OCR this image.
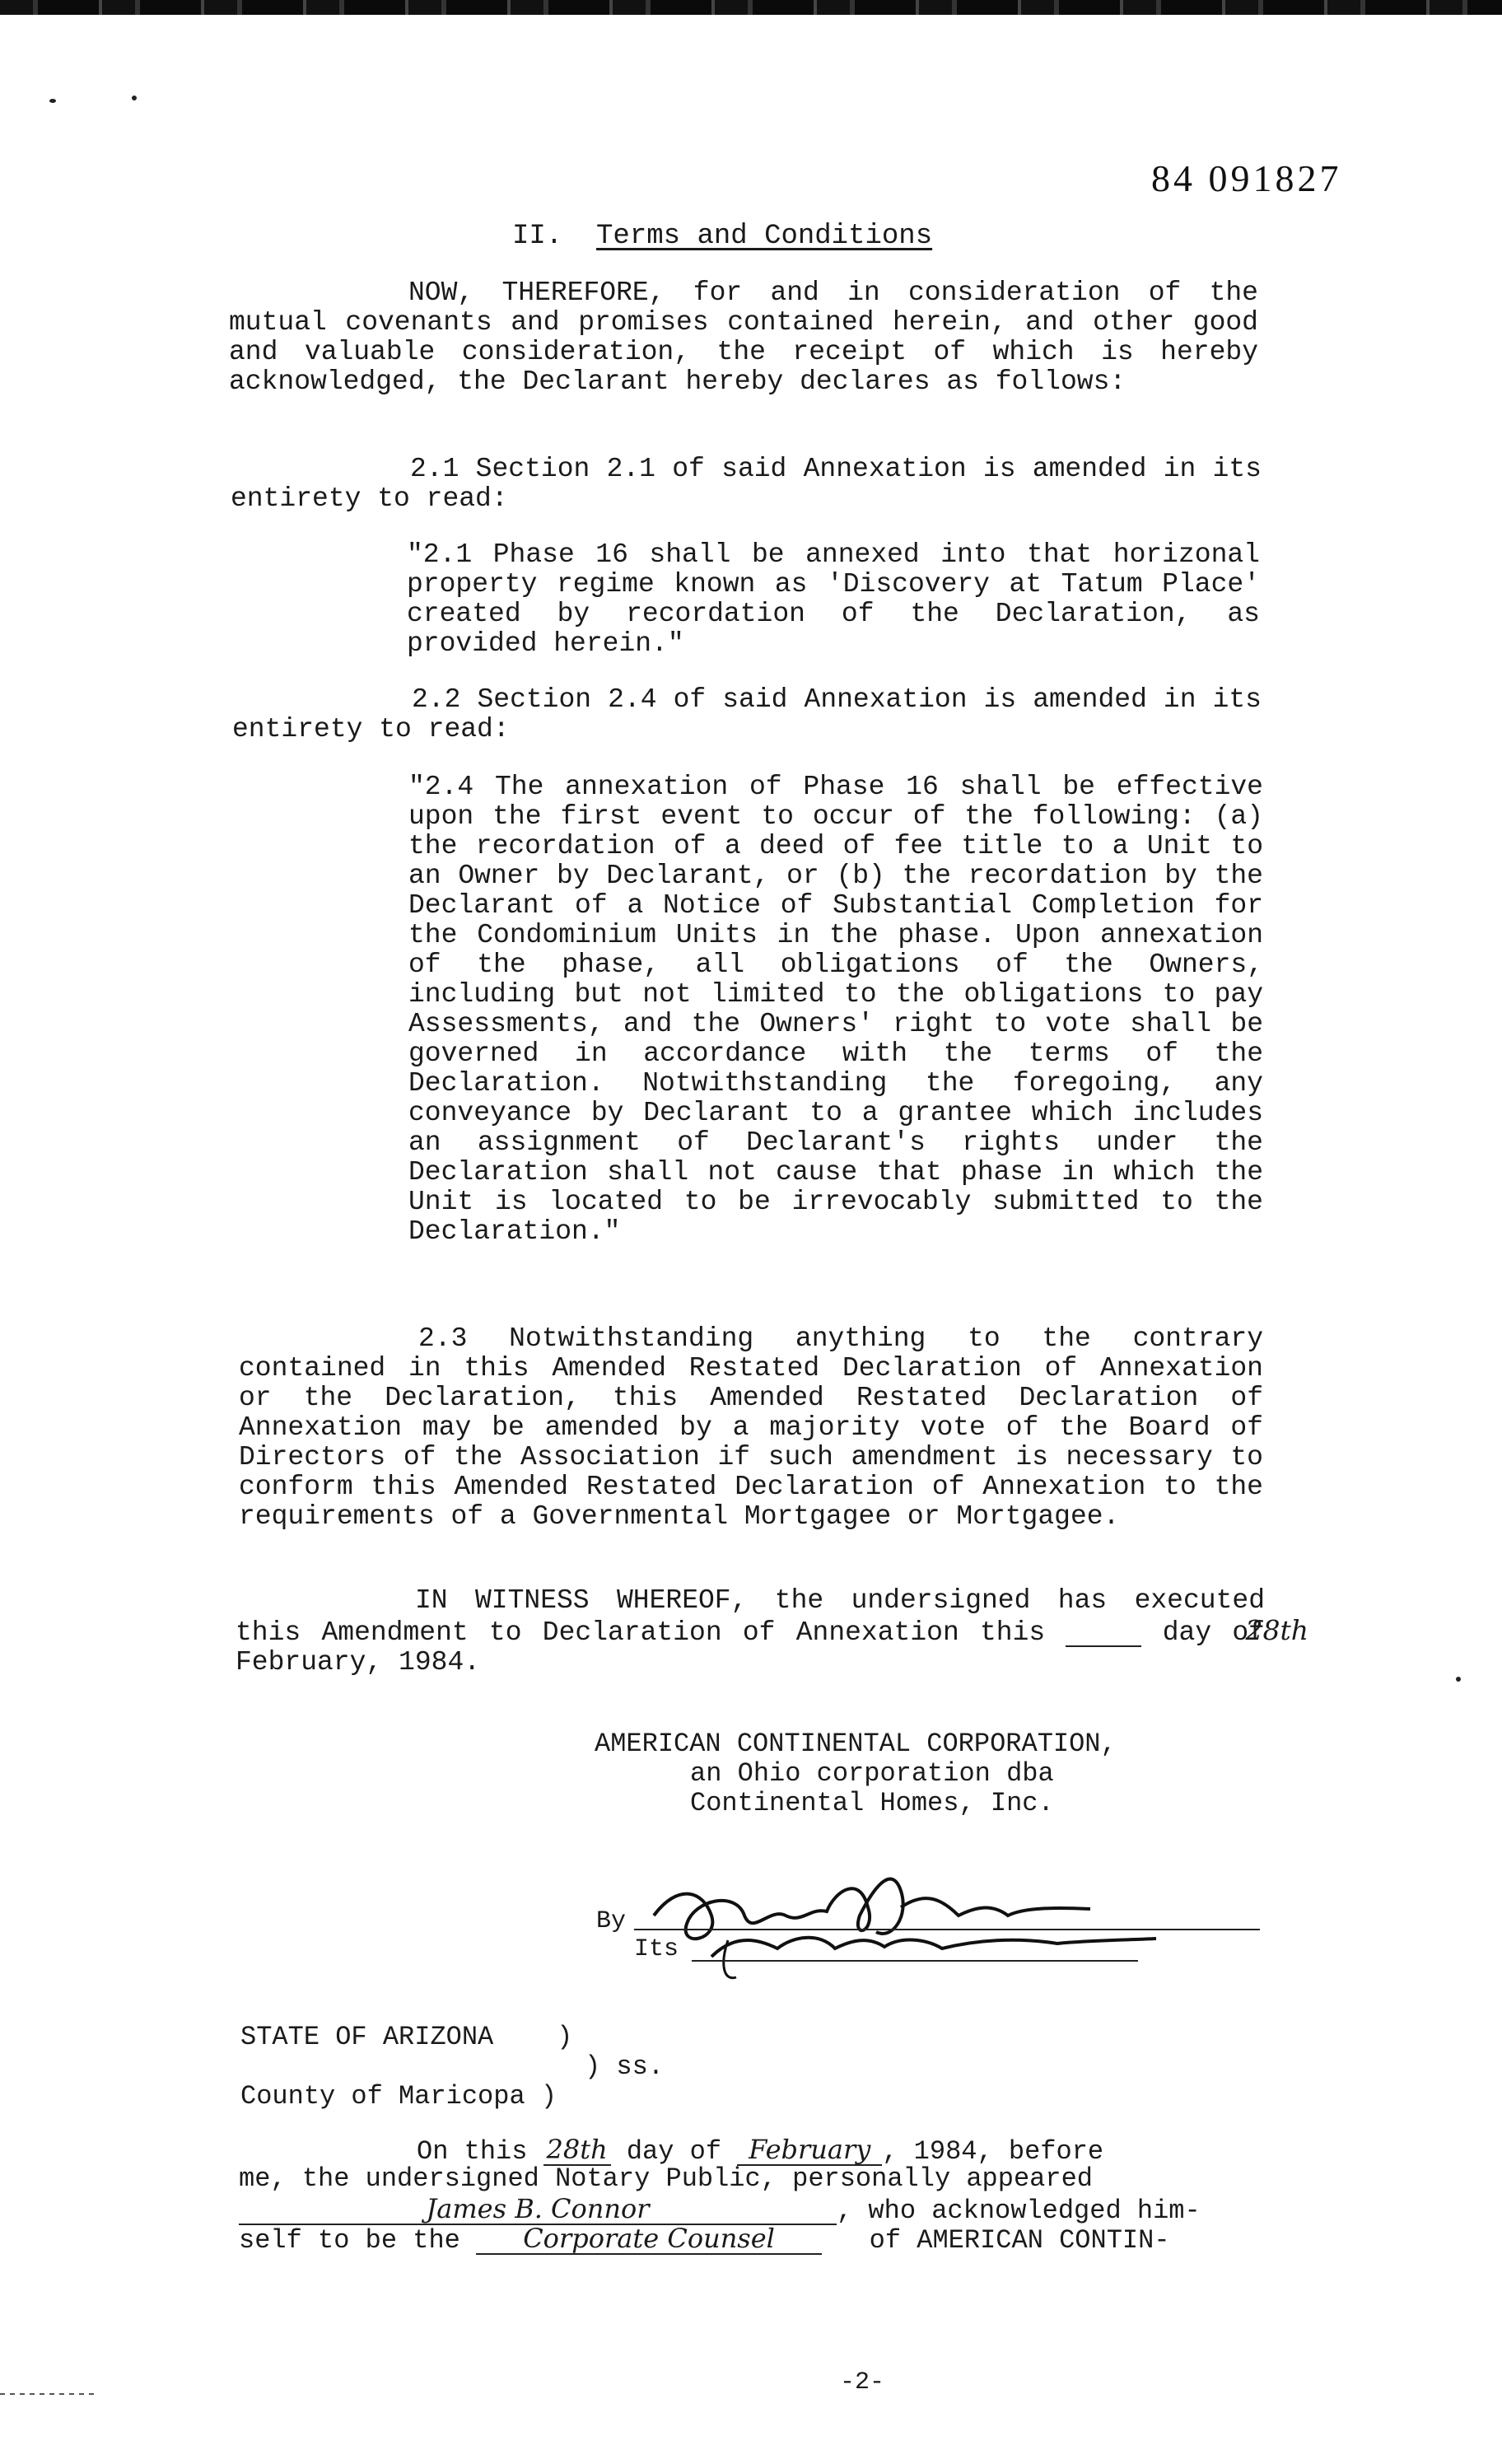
84 091827
II. Terms and Conditions

NOW, THEREFORE, for and in consideration of the mutual covenants and promises contained herein, and other good and valuable consideration, the receipt of which is hereby acknowledged, the Declarant hereby declares as follows:

2.1 Section 2.1 of said Annexation is amended in its entirety to read:

"2.1 Phase 16 shall be annexed into that horizonal property regime known as 'Discovery at Tatum Place' created by recordation of the Declaration, as provided herein."

2.2 Section 2.4 of said Annexation is amended in its entirety to read:

"2.4 The annexation of Phase 16 shall be effective upon the first event to occur of the following: (a) the recordation of a deed of fee title to a Unit to an Owner by Declarant, or (b) the recordation by the Declarant of a Notice of Substantial Completion for the Condominium Units in the phase. Upon annexation of the phase, all obligations of the Owners, including but not limited to the obligations to pay Assessments, and the Owners' right to vote shall be governed in accordance with the terms of the Declaration. Notwithstanding the foregoing, any conveyance by Declarant to a grantee which includes an assignment of Declarant's rights under the Declaration shall not cause that phase in which the Unit is located to be irrevocably submitted to the Declaration."

2.3 Notwithstanding anything to the contrary contained in this Amended Restated Declaration of Annexation or the Declaration, this Amended Restated Declaration of Annexation may be amended by a majority vote of the Board of Directors of the Association if such amendment is necessary to conform this Amended Restated Declaration of Annexation to the requirements of a Governmental Mortgagee or Mortgagee.

IN WITNESS WHEREOF, the undersigned has executed this Amendment to Declaration of Annexation this	28th day of February, 1984.

AMERICAN CONTINENTAL CORPORATION,
an Ohio corporation dba
Continental Homes, Inc.
By
Its
STATE OF ARIZONA )
) ss.
County of Maricopa )
On this 28th day of February , 1984, before
me, the undersigned Notary Public, personally appeared
James B. Connor	, who acknowledged him-
self to be the Corporate Counsel	of AMERICAN CONTIN-
-2-
